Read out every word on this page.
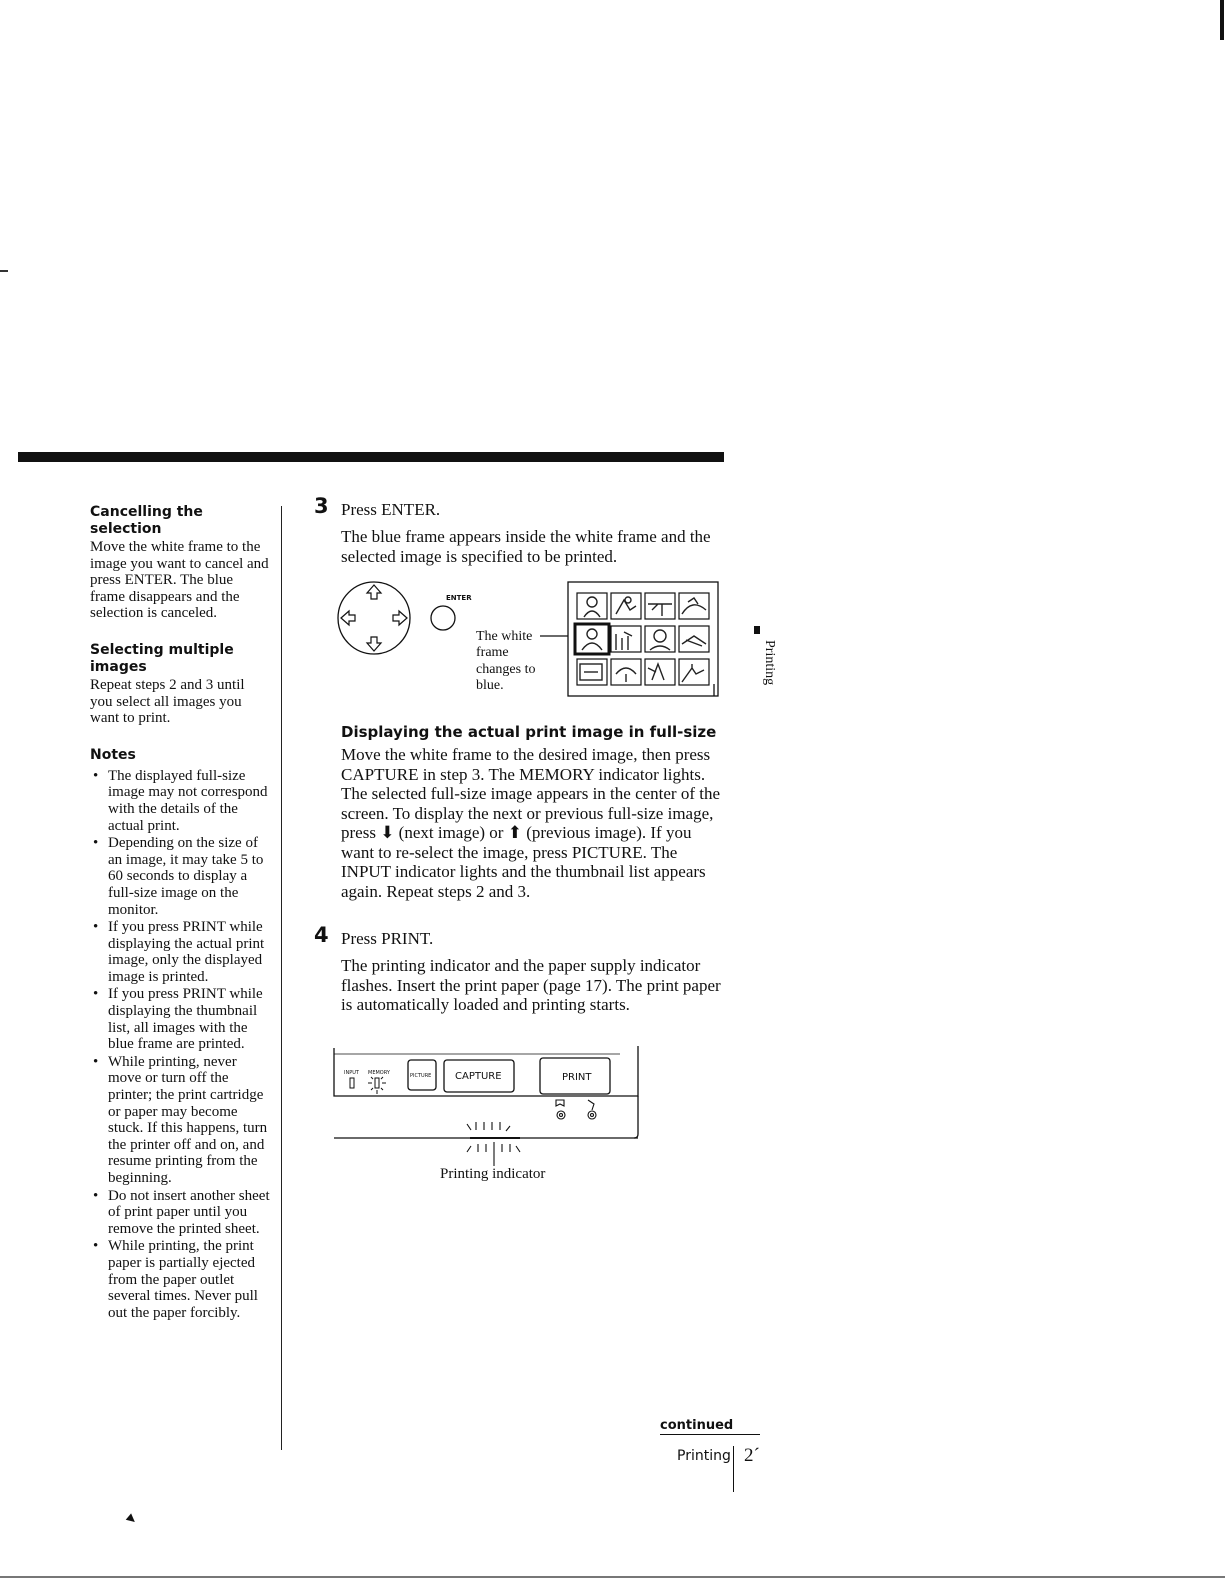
Cancelling the selection

Move the white frame to the image you want to cancel and press ENTER. The blue frame disappears and the selection is canceled.

Selecting multiple images

Repeat steps 2 and 3 until you select all images you want to print.

Notes
• The displayed full-size image may not correspond with the details of the actual print.
• Depending on the size of an image, it may take 5 to 60 seconds to display a full-size image on the monitor.
• If you press PRINT while displaying the actual print image, only the displayed image is printed.
• If you press PRINT while displaying the thumbnail list, all images with the blue frame are printed.
• While printing, never move or turn off the printer; the print cartridge or paper may become stuck. If this happens, turn the printer off and on, and resume printing from the beginning.
• Do not insert another sheet of print paper until you remove the printed sheet.
• While printing, the print paper is partially ejected from the paper outlet several times. Never pull out the paper forcibly.
3 Press ENTER.
The blue frame appears inside the white frame and the selected image is specified to be printed.
ENTER
The white frame changes to blue.
Displaying the actual print image in full-size
Move the white frame to the desired image, then press CAPTURE in step 3. The MEMORY indicator lights. The selected full-size image appears in the center of the screen. To display the next or previous full-size image, press ⬇ (next image) or ⬆ (previous image). If you want to re-select the image, press PICTURE. The INPUT indicator lights and the thumbnail list appears again. Repeat steps 2 and 3.
4 Press PRINT.
The printing indicator and the paper supply indicator flashes. Insert the print paper (page 17). The print paper is automatically loaded and printing starts.
INPUT MEMORY	PICTURE CAPTURE	PRINT
Printing indicator
Printing
continued
Printing 2´
►
